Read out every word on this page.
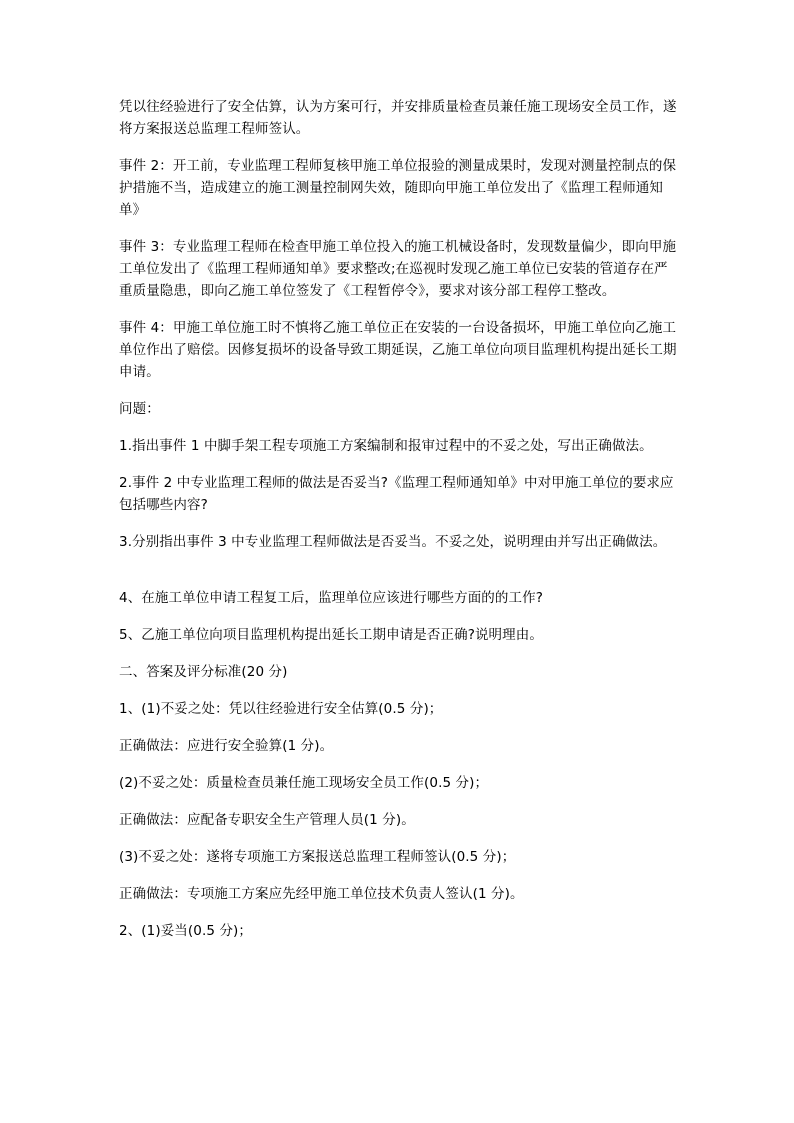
凭以往经验进行了安全估算，认为方案可行，并安排质量检查员兼任施工现场安全员工作，遂将方案报送总监理工程师签认。

事件 2：开工前，专业监理工程师复核甲施工单位报验的测量成果时，发现对测量控制点的保护措施不当，造成建立的施工测量控制网失效，随即向甲施工单位发出了《监理工程师通知单》

事件 3：专业监理工程师在检查甲施工单位投入的施工机械设备时，发现数量偏少，即向甲施工单位发出了《监理工程师通知单》要求整改;在巡视时发现乙施工单位已安装的管道存在严重质量隐患，即向乙施工单位签发了《工程暂停令》，要求对该分部工程停工整改。

事件 4：甲施工单位施工时不慎将乙施工单位正在安装的一台设备损坏，甲施工单位向乙施工单位作出了赔偿。因修复损坏的设备导致工期延误，乙施工单位向项目监理机构提出延长工期申请。

问题：

1.指出事件 1 中脚手架工程专项施工方案编制和报审过程中的不妥之处，写出正确做法。

2.事件 2 中专业监理工程师的做法是否妥当?《监理工程师通知单》中对甲施工单位的要求应包括哪些内容?

3.分别指出事件 3 中专业监理工程师做法是否妥当。不妥之处，说明理由并写出正确做法。

4、在施工单位申请工程复工后，监理单位应该进行哪些方面的的工作?

5、乙施工单位向项目监理机构提出延长工期申请是否正确?说明理由。

二、答案及评分标准(20 分)

1、(1)不妥之处：凭以往经验进行安全估算(0.5 分)；

正确做法：应进行安全验算(1 分)。

(2)不妥之处：质量检查员兼任施工现场安全员工作(0.5 分)；

正确做法：应配备专职安全生产管理人员(1 分)。

(3)不妥之处：遂将专项施工方案报送总监理工程师签认(0.5 分)；

正确做法：专项施工方案应先经甲施工单位技术负责人签认(1 分)。

2、(1)妥当(0.5 分)；
